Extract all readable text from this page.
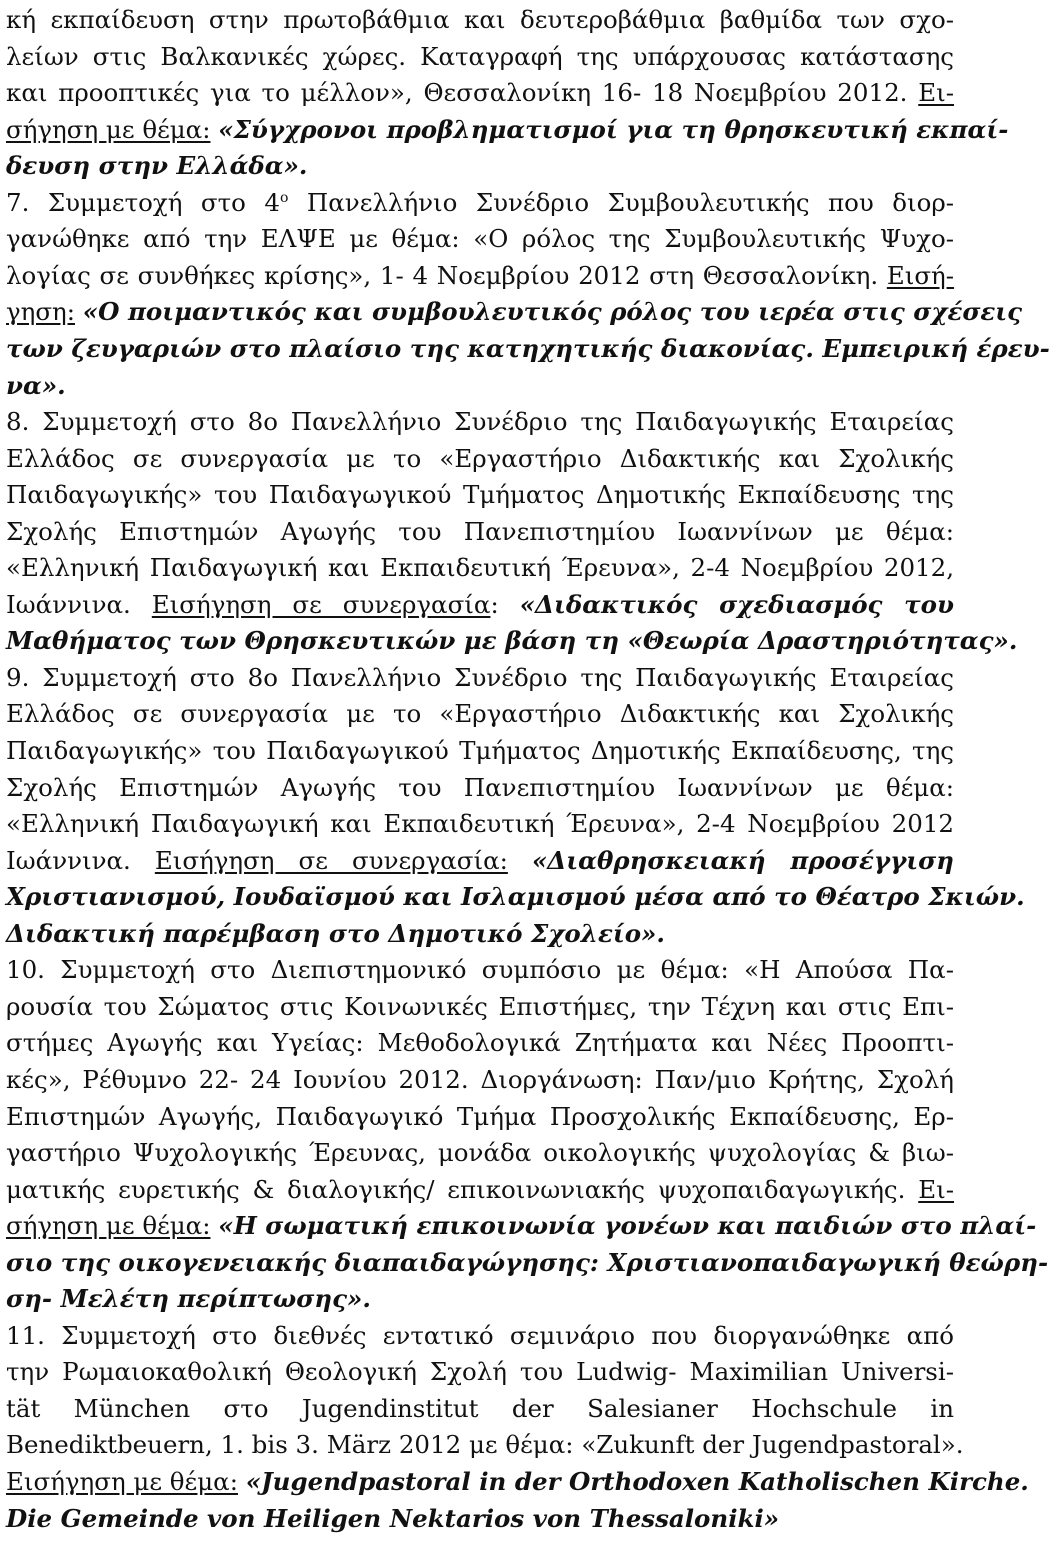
κή εκπαίδευση στην πρωτοβάθμια και δευτεροβάθμια βαθμίδα των σχο-
λείων στις Βαλκανικές χώρες. Καταγραφή της υπάρχουσας κατάστασης
και προοπτικές για το μέλλον», Θεσσαλονίκη 16- 18 Νοεμβρίου 2012. Ει-
σήγηση με θέμα: «Σύγχρονοι προβληματισμοί για τη θρησκευτική εκπαί-
δευση στην Ελλάδα».
7. Συμμετοχή στο $4^o$ Πανελλήνιο Συνέδριο Συμβουλευτικής που διορ-
γανώθηκε από την ΕΛΨΕ με θέμα: «Ο ρόλος της Συμβουλευτικής Ψυχο-
λογίας σε συνθήκες κρίσης», 1- 4 Νοεμβρίου 2012 στη Θεσσαλονίκη. Εισή-
γηση: «Ο ποιμαντικός και συμβουλευτικός ρόλος του ιερέα στις σχέσεις
των ζευγαριών στο πλαίσιο της κατηχητικής διακονίας. Εμπειρική έρευ-
να».
8. Συμμετοχή στο 8ο Πανελλήνιο Συνέδριο της Παιδαγωγικής Εταιρείας
Ελλάδος σε συνεργασία με το «Εργαστήριο Διδακτικής και Σχολικής
Παιδαγωγικής» του Παιδαγωγικού Τμήματος Δημοτικής Εκπαίδευσης της
Σχολής Επιστημών Αγωγής του Πανεπιστημίου Ιωαννίνων με θέμα:
«Ελληνική Παιδαγωγική και Εκπαιδευτική Έρευνα», 2-4 Νοεμβρίου 2012,
Ιωάννινα. Εισήγηση σε συνεργασία: «Διδακτικός σχεδιασμός του
Μαθήματος των Θρησκευτικών με βάση τη «Θεωρία Δραστηριότητας».
9. Συμμετοχή στο 8ο Πανελλήνιο Συνέδριο της Παιδαγωγικής Εταιρείας
Ελλάδος σε συνεργασία με το «Εργαστήριο Διδακτικής και Σχολικής
Παιδαγωγικής» του Παιδαγωγικού Τμήματος Δημοτικής Εκπαίδευσης, της
Σχολής Επιστημών Αγωγής του Πανεπιστημίου Ιωαννίνων με θέμα:
«Ελληνική Παιδαγωγική και Εκπαιδευτική Έρευνα», 2-4 Νοεμβρίου 2012
Ιωάννινα. Εισήγηση σε συνεργασία: «Διαθρησκειακή προσέγγιση
Χριστιανισμού, Ιουδαϊσμού και Ισλαμισμού μέσα από το Θέατρο Σκιών.
Διδακτική παρέμβαση στο Δημοτικό Σχολείο».
10. Συμμετοχή στο Διεπιστημονικό συμπόσιο με θέμα: «Η Απούσα Πα-
ρουσία του Σώματος στις Κοινωνικές Επιστήμες, την Τέχνη και στις Επι-
στήμες Αγωγής και Υγείας: Μεθοδολογικά Ζητήματα και Νέες Προοπτι-
κές», Ρέθυμνο 22- 24 Ιουνίου 2012. Διοργάνωση: Παν/μιο Κρήτης, Σχολή
Επιστημών Αγωγής, Παιδαγωγικό Τμήμα Προσχολικής Εκπαίδευσης, Ερ-
γαστήριο Ψυχολογικής Έρευνας, μονάδα οικολογικής ψυχολογίας & βιω-
ματικής ευρετικής & διαλογικής/ επικοινωνιακής ψυχοπαιδαγωγικής. Ει-
σήγηση με θέμα: «Η σωματική επικοινωνία γονέων και παιδιών στο πλαί-
σιο της οικογενειακής διαπαιδαγώγησης: Χριστιανοπαιδαγωγική θεώρη-
ση- Μελέτη περίπτωσης».
11. Συμμετοχή στο διεθνές εντατικό σεμινάριο που διοργανώθηκε από
την Ρωμαιοκαθολική Θεολογική Σχολή του Ludwig- Maximilian Universi-
tät München στο Jugendinstitut der Salesianer Hochschule in
Benediktbeuern, 1. bis 3. März 2012 με θέμα: «Zukunft der Jugendpastoral».
Εισήγηση με θέμα: «Jugendpastoral in der Orthodoxen Katholischen Kirche.
Die Gemeinde von Heiligen Nektarios von Thessaloniki»
